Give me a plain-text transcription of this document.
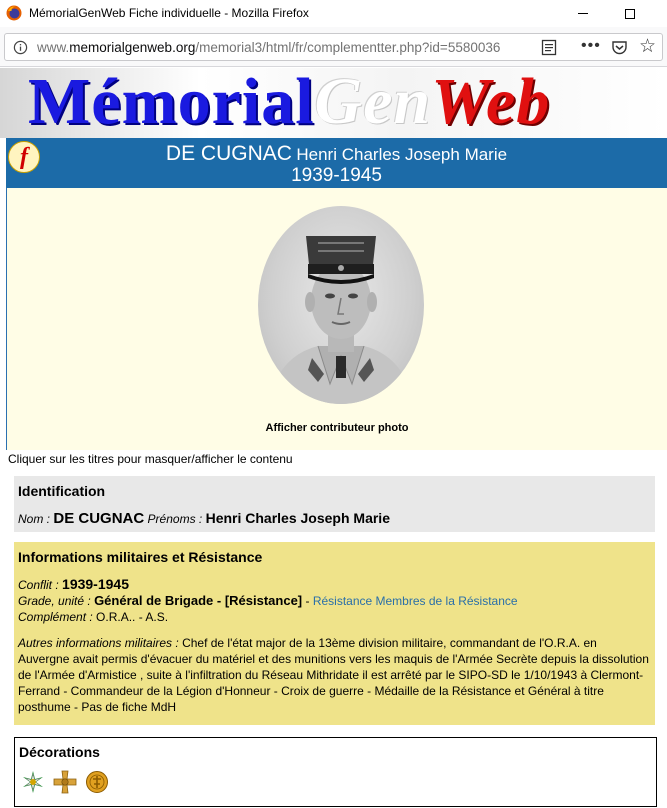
MémorialGenWeb Fiche individuelle - Mozilla Firefox
www.memorialgenweb.org/memorial3/html/fr/complementter.php?id=5580036	••• ☆
MémorialGenWeb
f	DE CUGNAC Henri Charles Joseph Marie
1939-1945
Afficher contributeur photo
Cliquer sur les titres pour masquer/afficher le contenu
Identification
Nom : DE CUGNAC Prénoms : Henri Charles Joseph Marie
Informations militaires et Résistance
Conflit : 1939-1945
Grade, unité : Général de Brigade - [Résistance] - Résistance Membres de la Résistance
Complément : O.R.A.. - A.S.
Autres informations militaires : Chef de l'état major de la 13ème division militaire, commandant de l'O.R.A. en Auvergne avait permis d'évacuer du matériel et des munitions vers les maquis de l'Armée Secrète depuis la dissolution de l'Armée d'Armistice , suite à l'infiltration du Réseau Mithridate il est arrêté par le SIPO-SD le 1/10/1943 à Clermont-Ferrand - Commandeur de la Légion d'Honneur - Croix de guerre - Médaille de la Résistance et Général à titre posthume - Pas de fiche MdH
Décorations
